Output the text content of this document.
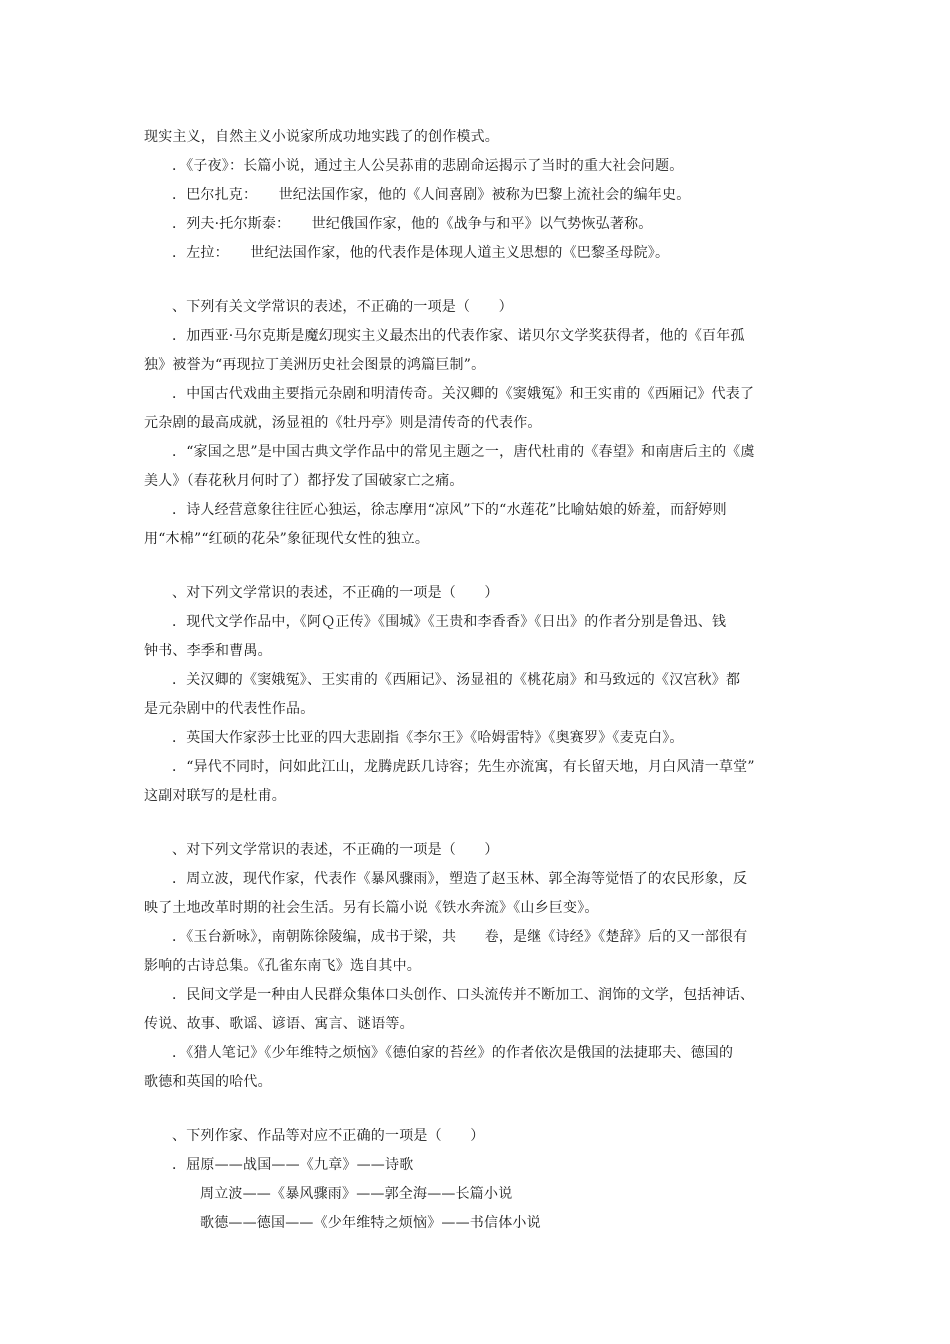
现实主义，自然主义小说家所成功地实践了的创作模式。
．《子夜》：长篇小说，通过主人公吴荪甫的悲剧命运揭示了当时的重大社会问题。
．巴尔扎克：　　世纪法国作家，他的《人间喜剧》被称为巴黎上流社会的编年史。
．列夫·托尔斯泰：　　世纪俄国作家，他的《战争与和平》以气势恢弘著称。
．左拉：　　世纪法国作家，他的代表作是体现人道主义思想的《巴黎圣母院》。
、下列有关文学常识的表述，不正确的一项是（　　）
．加西亚·马尔克斯是魔幻现实主义最杰出的代表作家、诺贝尔文学奖获得者，他的《百年孤
独》被誉为“再现拉丁美洲历史社会图景的鸿篇巨制”。
．中国古代戏曲主要指元杂剧和明清传奇。关汉卿的《窦娥冤》和王实甫的《西厢记》代表了
元杂剧的最高成就，汤显祖的《牡丹亭》则是清传奇的代表作。
．“家国之思”是中国古典文学作品中的常见主题之一，唐代杜甫的《春望》和南唐后主的《虞
美人》（春花秋月何时了）都抒发了国破家亡之痛。
．诗人经营意象往往匠心独运，徐志摩用“凉风”下的“水莲花”比喻姑娘的娇羞，而舒婷则
用“木棉”“红硕的花朵”象征现代女性的独立。
、对下列文学常识的表述，不正确的一项是（　　）
．现代文学作品中，《阿Ｑ正传》《围城》《王贵和李香香》《日出》的作者分别是鲁迅、钱
钟书、李季和曹禺。
．关汉卿的《窦娥冤》、王实甫的《西厢记》、汤显祖的《桃花扇》和马致远的《汉宫秋》都
是元杂剧中的代表性作品。
．英国大作家莎士比亚的四大悲剧指《李尔王》《哈姆雷特》《奥赛罗》《麦克白》。
．“异代不同时，问如此江山，龙腾虎跃几诗容；先生亦流寓，有长留天地，月白风清一草堂”
这副对联写的是杜甫。
、对下列文学常识的表述，不正确的一项是（　　）
．周立波，现代作家，代表作《暴风骤雨》，塑造了赵玉林、郭全海等觉悟了的农民形象，反
映了土地改革时期的社会生活。另有长篇小说《铁水奔流》《山乡巨变》。
．《玉台新咏》，南朝陈徐陵编，成书于梁，共　　卷，是继《诗经》《楚辞》后的又一部很有
影响的古诗总集。《孔雀东南飞》选自其中。
．民间文学是一种由人民群众集体口头创作、口头流传并不断加工、润饰的文学，包括神话、
传说、故事、歌谣、谚语、寓言、谜语等。
．《猎人笔记》《少年维特之烦恼》《德伯家的苔丝》的作者依次是俄国的法捷耶夫、德国的
歌德和英国的哈代。
、下列作家、作品等对应不正确的一项是（　　）
．屈原——战国——《九章》——诗歌
周立波——《暴风骤雨》——郭全海——长篇小说
歌德——德国——《少年维特之烦恼》——书信体小说
